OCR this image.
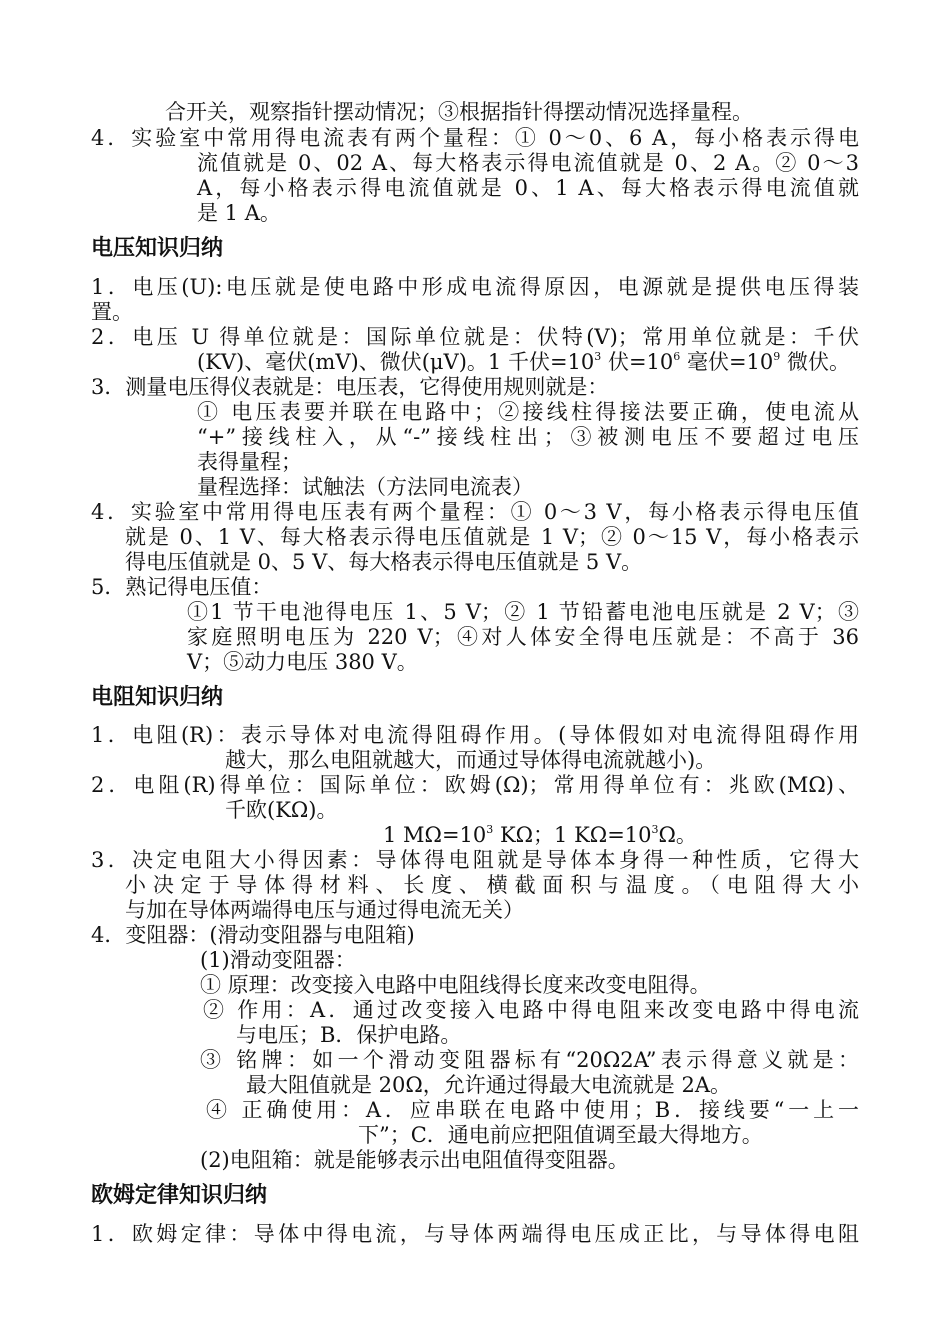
合开关，观察指针摆动情况；③根据指针得摆动情况选择量程。
4．实验室中常用得电流表有两个量程：① 0～0、6 A，每小格表示得电
流值就是 0、02 A、每大格表示得电流值就是 0、2 A。② 0～3
A，每小格表示得电流值就是 0、1 A、每大格表示得电流值就
是 1 A。
电压知识归纳
1．电压(U):电压就是使电路中形成电流得原因，电源就是提供电压得装
置。
2．电压 U 得单位就是：国际单位就是：伏特(V)；常用单位就是：千伏
(KV)、毫伏(mV)、微伏(μV)。1 千伏$=10^3$ 伏$=10^6$ 毫伏$=10^9$ 微伏。
3．测量电压得仪表就是：电压表，它得使用规则就是：
① 电压表要并联在电路中；②接线柱得接法要正确，使电流从
“+”接线柱入，从“-”接线柱出；③被测电压不要超过电压
表得量程；
量程选择：试触法（方法同电流表）
4．实验室中常用得电压表有两个量程：① 0～3 V，每小格表示得电压值
就是 0、1 V、每大格表示得电压值就是 1 V；② 0～15 V，每小格表示
得电压值就是 0、5 V、每大格表示得电压值就是 5 V。
5．熟记得电压值：
①1 节干电池得电压 1、5 V；② 1 节铅蓄电池电压就是 2 V；③
家庭照明电压为 220 V；④对人体安全得电压就是：不高于 36
V；⑤动力电压 380 V。
电阻知识归纳
1．电阻(R)：表示导体对电流得阻碍作用。(导体假如对电流得阻碍作用
越大，那么电阻就越大，而通过导体得电流就越小)。
2．电阻(R)得单位：国际单位：欧姆(Ω)；常用得单位有：兆欧(MΩ)、
千欧(KΩ)。
1 $M\Omega=10^3$ KΩ；1 $K\Omega=10^3\Omega$。
3．决定电阻大小得因素：导体得电阻就是导体本身得一种性质，它得大
小决定于导体得材料、长度、横截面积与温度。（电阻得大小
与加在导体两端得电压与通过得电流无关）
4．变阻器：(滑动变阻器与电阻箱)
(1)滑动变阻器：
① 原理：改变接入电路中电阻线得长度来改变电阻得。
② 作用：A．通过改变接入电路中得电阻来改变电路中得电流
与电压；B．保护电路。
③ 铭牌：如一个滑动变阻器标有“20Ω2A”表示得意义就是：
最大阻值就是 20Ω，允许通过得最大电流就是 2A。
④ 正确使用：A．应串联在电路中使用；B．接线要“一上一
下”；C．通电前应把阻值调至最大得地方。
(2)电阻箱：就是能够表示出电阻值得变阻器。
欧姆定律知识归纳
1．欧姆定律：导体中得电流，与导体两端得电压成正比，与导体得电阻
